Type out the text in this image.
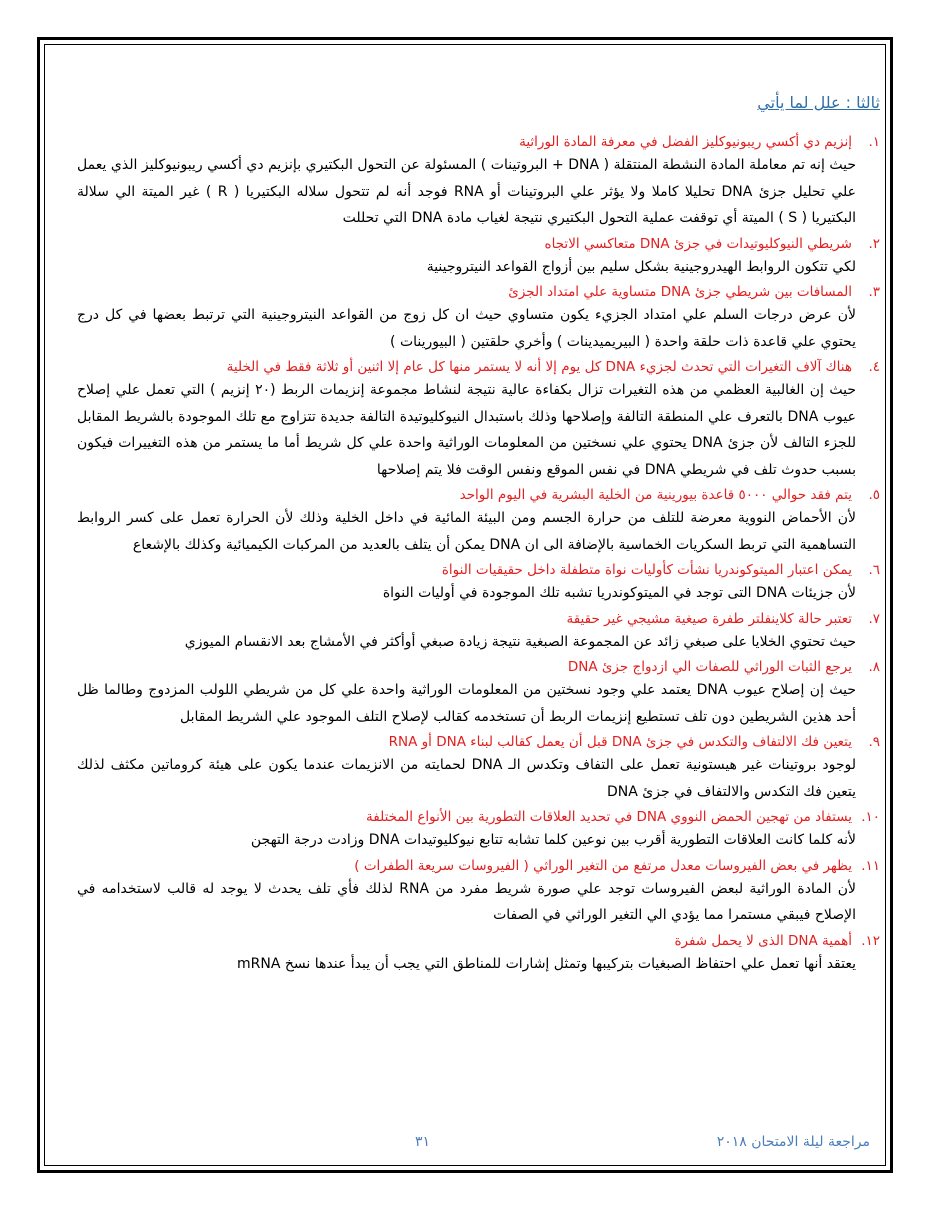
ثالثا : علل لما يأتي

١.إنزيم دي أكسي ريبونيوكليز الفضل في معرفة المادة الوراثية

حيث إنه تم معاملة المادة النشطة المنتقلة ( DNA + البروتينات ) المسئولة عن التحول البكتيري بإنزيم دي أكسي ريبونيوكليز الذي يعمل علي تحليل جزئ DNA تحليلا كاملا ولا يؤثر علي البروتينات أو RNA فوجد أنه لم تتحول سلاله البكتيريا ( R ) غير الميتة الي سلالة البكتيريا ( S ) الميتة أي توقفت عملية التحول البكتيري نتيجة لغياب مادة DNA التي تحللت

٢.شريطي النيوكليوتيدات في جزئ DNA متعاكسي الاتجاه

لكي تتكون الروابط الهيدروجينية بشكل سليم بين أزواج القواعد النيتروجينية

٣.المسافات بين شريطي جزئ DNA متساوية علي امتداد الجزئ

لأن عرض درجات السلم علي امتداد الجزيء يكون متساوي حيث ان كل زوج من القواعد النيتروجينية التي ترتبط بعضها في كل درج يحتوي علي قاعدة ذات حلقة واحدة ( البيريميدينات ) وأخري حلقتين ( البيورينات )

٤.هناك آلاف التغيرات التي تحدث لجزيء DNA كل يوم إلا أنه لا يستمر منها كل عام إلا اثنين أو ثلاثة فقط في الخلية

حيث إن الغالبية العظمي من هذه التغيرات تزال بكفاءة عالية نتيجة لنشاط مجموعة إنزيمات الربط (٢٠ إنزيم ) التي تعمل علي إصلاح عيوب DNA بالتعرف علي المنطقة التالفة وإصلاحها وذلك باستبدال النيوكليوتيدة التالفة جديدة تتزاوج مع تلك الموجودة بالشريط المقابل للجزء التالف لأن جزئ DNA يحتوي علي نسختين من المعلومات الوراثية واحدة علي كل شريط أما ما يستمر من هذه التغييرات فيكون بسبب حدوث تلف في شريطي DNA في نفس الموقع ونفس الوقت فلا يتم إصلاحها

٥.يتم فقد حوالي ٥٠٠٠ قاعدة بيورينية من الخلية البشرية في اليوم الواحد

لأن الأحماض النووية معرضة للتلف من حرارة الجسم ومن البيئة المائية في داخل الخلية وذلك لأن الحرارة تعمل على كسر الروابط التساهمية التي تربط السكريات الخماسية بالإضافة الى ان DNA يمكن أن يتلف بالعديد من المركبات الكيميائية وكذلك بالإشعاع

٦.يمكن اعتبار الميتوكوندريا نشأت كأوليات نواة متطفلة داخل حقيقيات النواة

لأن جزيئات DNA التى توجد في الميتوكوندريا تشبه تلك الموجودة في أوليات النواة

٧.تعتبر حالة كلاينفلتر طفرة صيغية مشيجي غير حقيقة

حيث تحتوي الخلايا على صبغي زائد عن المجموعة الصبغية نتيجة زيادة صبغي أوأكثر في الأمشاج بعد الانقسام الميوزي

٨.يرجع الثبات الوراثي للصفات الي ازدواج جزئ DNA

حيث إن إصلاح عيوب DNA يعتمد علي وجود نسختين من المعلومات الوراثية واحدة علي كل من شريطي اللولب المزدوج وطالما ظل أحد هذين الشريطين دون تلف تستطيع إنزيمات الربط أن تستخدمه كقالب لإصلاح التلف الموجود علي الشريط المقابل

٩.يتعين فك الالتفاف والتكدس في جزئ DNA قبل أن يعمل كقالب لبناء DNA أو RNA

لوجود بروتينات غير هيستونية تعمل على التفاف وتكدس الـ DNA لحمايته من الانزيمات عندما يكون على هيئة كروماتين مكثف لذلك يتعين فك التكدس والالتفاف في جزئ DNA

١٠.يستفاد من تهجين الحمض النووي DNA في تحديد العلاقات التطورية بين الأنواع المختلفة

لأنه كلما كانت العلاقات التطورية أقرب بين نوعين كلما تشابه تتابع نيوكليوتيدات DNA وزادت درجة التهجن

١١.يظهر في بعض الفيروسات معدل مرتفع من التغير الوراثي ( الفيروسات سريعة الطفرات )

لأن المادة الوراثية لبعض الفيروسات توجد علي صورة شريط مفرد من RNA لذلك فأي تلف يحدث لا يوجد له قالب لاستخدامه في الإصلاح فيبقي مستمرا مما يؤدي الي التغير الوراثي في الصفات

١٢.أهمية DNA الذى لا يحمل شفرة

يعتقد أنها تعمل علي احتفاظ الصبغيات بتركيبها وتمثل إشارات للمناطق التي يجب أن يبدأ عندها نسخ mRNA

مراجعة ليلة الامتحان ٢٠١٨
٣١
